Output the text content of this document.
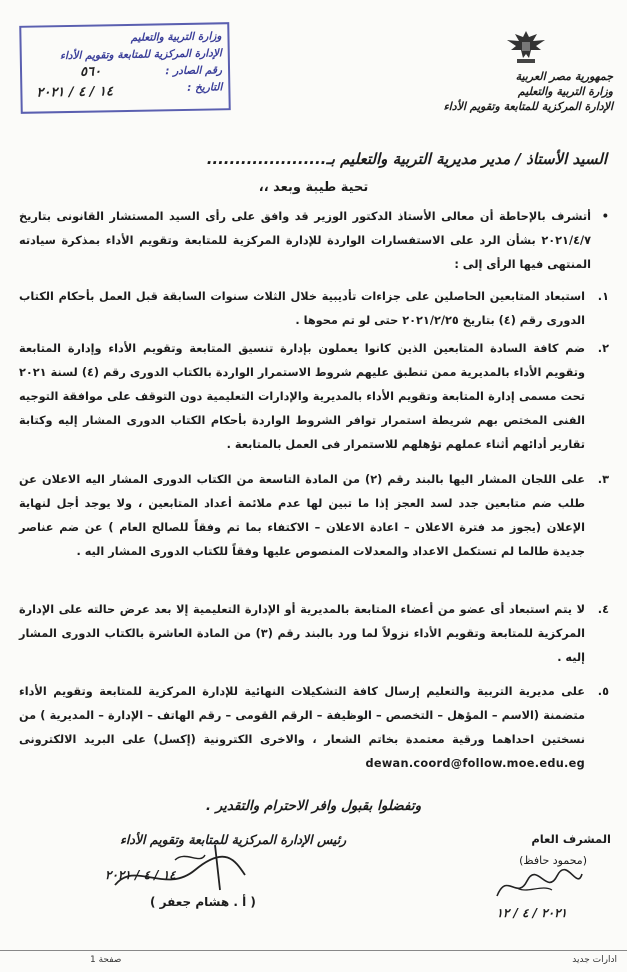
جمهورية مصر العربية
وزارة التربية والتعليم
الإدارة المركزية للمتابعة وتقويم الأداء
وزارة التربية والتعليم
الإدارة المركزية للمتابعة وتقويم الأداء
رقم الصادر :
التاريخ :
٥٦٠
١٤ / ٤ / ٢٠٢١
السيد الأستاذ / مدير مديرية التربية والتعليم بـ.....................
تحية طيبة وبعد ،،
•
أتشرف بالإحاطة أن معالى الأستاذ الدكتور الوزير قد وافق على رأى السيد المستشار القانونى بتاريخ ٢٠٢١/٤/٧ بشأن الرد على الاستفسارات الواردة للإدارة المركزية للمتابعة وتقويم الأداء بمذكرة سيادته المنتهى فيها الرأى إلى :
١.
استبعاد المتابعين الحاصلين على جزاءات تأديبية خلال الثلاث سنوات السابقة قبل العمل بأحكام الكتاب الدورى رقم (٤) بتاريخ ٢٠٢١/٢/٢٥ حتى لو تم محوها .
٢.
ضم كافة السادة المتابعين الذين كانوا يعملون بإدارة تنسيق المتابعة وتقويم الأداء وإدارة المتابعة وتقويم الأداء بالمديرية ممن تنطبق عليهم شروط الاستمرار الواردة بالكتاب الدورى رقم (٤) لسنة ٢٠٢١ تحت مسمى إدارة المتابعة وتقويم الأداء بالمديرية والإدارات التعليمية دون التوقف على موافقة التوجيه الفنى المختص بهم شريطة استمرار توافر الشروط الواردة بأحكام الكتاب الدورى المشار إليه وكتابة تقارير أدائهم أثناء عملهم تؤهلهم للاستمرار فى العمل بالمتابعة .
٣.
على اللجان المشار اليها بالبند رقم (٢) من المادة التاسعة من الكتاب الدورى المشار اليه الاعلان عن طلب ضم متابعين جدد لسد العجز إذا ما تبين لها عدم ملائمة أعداد المتابعين ، ولا يوجد أجل لنهاية الإعلان (يجوز مد فترة الاعلان – اعادة الاعلان – الاكتفاء بما تم وفقاً للصالح العام ) عن ضم عناصر جديدة طالما لم تستكمل الاعداد والمعدلات المنصوص عليها وفقاً للكتاب الدورى المشار اليه .
٤.
لا يتم استبعاد أى عضو من أعضاء المتابعة بالمديرية أو الإدارة التعليمية إلا بعد عرض حالته على الإدارة المركزية للمتابعة وتقويم الأداء نزولاً لما ورد بالبند رقم (٣) من المادة العاشرة بالكتاب الدورى المشار إليه .
٥.
على مديرية التربية والتعليم إرسال كافة التشكيلات النهائية للإدارة المركزية للمتابعة وتقويم الأداء متضمنة (الاسم – المؤهل – التخصص – الوظيفة – الرقم القومى – رقم الهاتف – الإدارة – المديرية ) من نسختين احداهما ورقية معتمدة بخاتم الشعار ، والاخرى الكترونية (إكسل) على البريد الالكترونى dewan.coord@follow.moe.edu.eg
وتفضلوا بقبول وافر الاحترام والتقدير .
المشرف العام
(محمود حافظ)
٢٠٢١ / ٤ / ١٢
رئيس الإدارة المركزية للمتابعة وتقويم الأداء
١٤ / ٤ / ٢٠٢١
( أ . هشام جعفر )
ادارات جديد
صفحة 1
